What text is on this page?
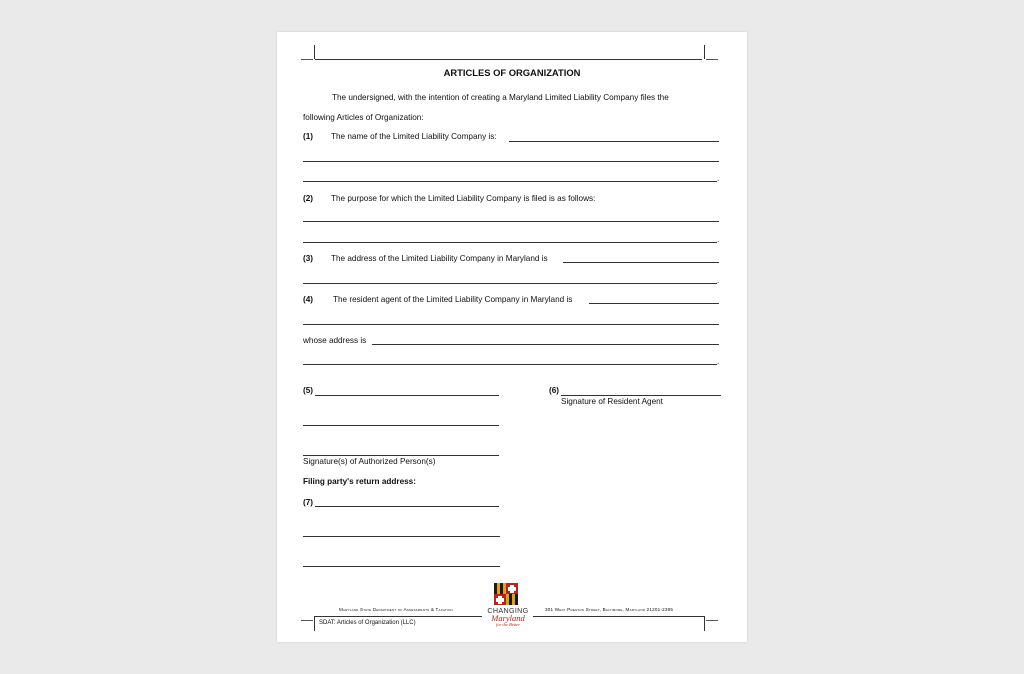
ARTICLES OF ORGANIZATION
The undersigned, with the intention of creating a Maryland Limited Liability Company files the
following Articles of Organization:
(1) The name of the Limited Liability Company is:
.
(2) The purpose for which the Limited Liability Company is filed is as follows:
.
(3) The address of the Limited Liability Company in Maryland is
.
(4) The resident agent of the Limited Liability Company in Maryland is
whose address is
.
(5)	(6)
Signature of Resident Agent
Signature(s) of Authorized Person(s)
Filing party's return address:
(7)
CHANGING
Maryland
for the Better
Maryland State Department of Assessments & Taxation	301 West Preston Street, Baltimore, Maryland 21201-2395
SDAT: Articles of Organization (LLC)
